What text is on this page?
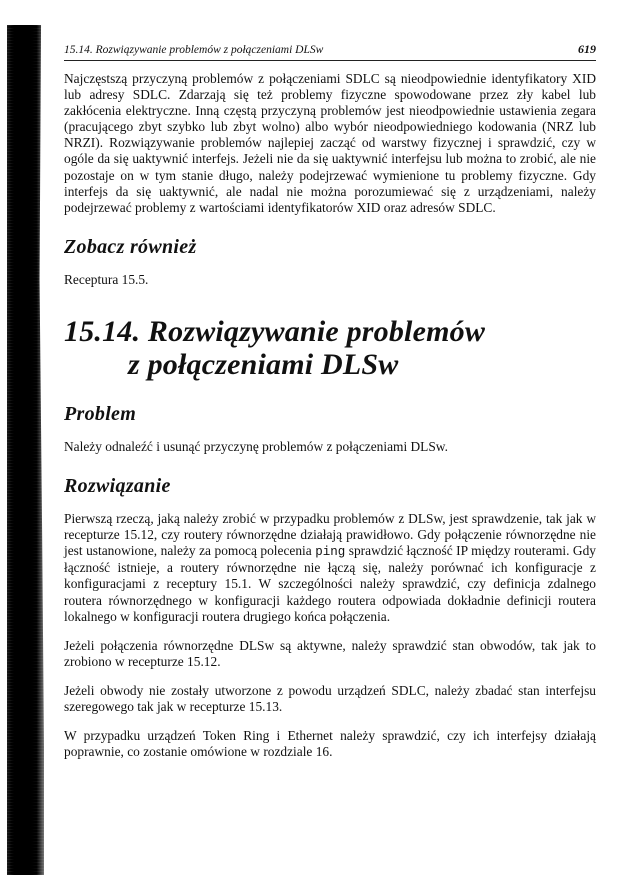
15.14. Rozwiązywanie problemów z połączeniami DLSw	619

Najczęstszą przyczyną problemów z połączeniami SDLC są nieodpowiednie identyfikatory XID lub adresy SDLC. Zdarzają się też problemy fizyczne spowodowane przez zły kabel lub zakłócenia elektryczne. Inną częstą przyczyną problemów jest nieodpowiednie ustawienia zegara (pracującego zbyt szybko lub zbyt wolno) albo wybór nieodpowiedniego kodowania (NRZ lub NRZI). Rozwiązywanie problemów najlepiej zacząć od warstwy fizycznej i sprawdzić, czy w ogóle da się uaktywnić interfejs. Jeżeli nie da się uaktywnić interfejsu lub można to zrobić, ale nie pozostaje on w tym stanie długo, należy podejrzewać wymienione tu problemy fizyczne. Gdy interfejs da się uaktywnić, ale nadal nie można porozumiewać się z urządzeniami, należy podejrzewać problemy z wartościami identyfikatorów XID oraz adresów SDLC.

Zobacz również

Receptura 15.5.

15.14. Rozwiązywanie problemów
z połączeniami DLSw
Problem

Należy odnaleźć i usunąć przyczynę problemów z połączeniami DLSw.

Rozwiązanie

Pierwszą rzeczą, jaką należy zrobić w przypadku problemów z DLSw, jest sprawdzenie, tak jak w recepturze 15.12, czy routery równorzędne działają prawidłowo. Gdy połączenie równorzędne nie jest ustanowione, należy za pomocą polecenia ping sprawdzić łączność IP między routerami. Gdy łączność istnieje, a routery równorzędne nie łączą się, należy porównać ich konfiguracje z konfiguracjami z receptury 15.1. W szczególności należy sprawdzić, czy definicja zdalnego routera równorzędnego w konfiguracji każdego routera odpowiada dokładnie definicji routera lokalnego w konfiguracji routera drugiego końca połączenia.

Jeżeli połączenia równorzędne DLSw są aktywne, należy sprawdzić stan obwodów, tak jak to zrobiono w recepturze 15.12.

Jeżeli obwody nie zostały utworzone z powodu urządzeń SDLC, należy zbadać stan interfejsu szeregowego tak jak w recepturze 15.13.

W przypadku urządzeń Token Ring i Ethernet należy sprawdzić, czy ich interfejsy działają poprawnie, co zostanie omówione w rozdziale 16.
